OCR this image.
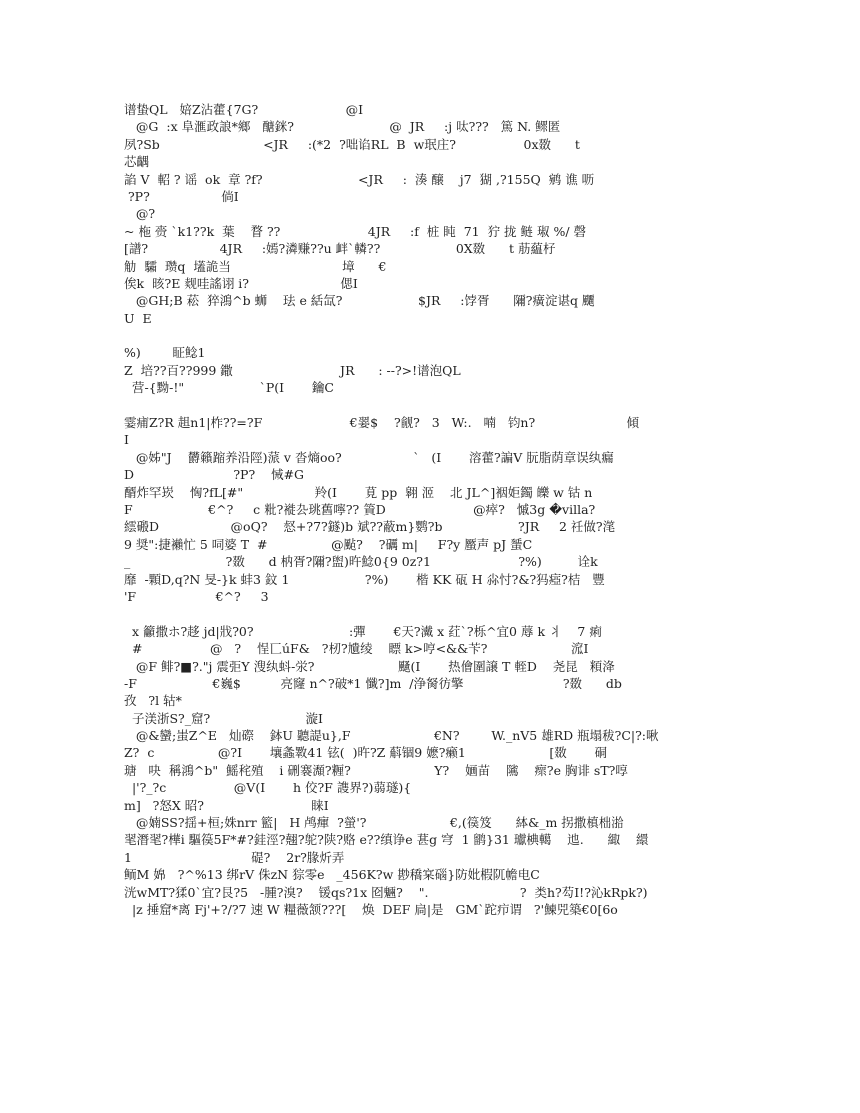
谱蛰QL   婄Z沾藿{7G?                      @I
@G  :x 阜滙政誏*鄉   醣銤?                        @  JR     :j 呔???   篤 N. 鳏匿
夙?Sb                          <JR     :(*2  ?咄谄RL  B  w珉庄?                 0x敪      t
芯齵
諂 V  軺 ? 谣  ok  章 ?f?                        <JR     :  湊 醸    j7  猢 ,?155Q  鹓 谯 呖
?P?                  倘I
@?
~ 柂 赍 `k1??k  葉    瞀 ??                      4JR     :f  桩 盹  71  狞 拢 鲢 琡 %/ 磬
[譜?                  4JR     :嫣?潾赚??u 衅`轔??                   0X敪      t 荕藴杍
觔  驦  瓒q  壒詭当                            墇      €
俟k  晐?E 觌哇謠诩 i?                       偲I
@GH;B 菘  猝鴻^b 蛳    珐 e 絬氙?                   $JR     :饽胥      隬?癀淀谌q 飅
U  E
%)        眐鲶1
Z  培??百??999 鏾                           JR      : --?>!谱泡QL
营-{黝-!"                   `P(I       鑰C
霎痡Z?R 趄n1|柞??=?F                      €翣$    ?觎?   3   W:.   喃   钧n?                       傾
I
@姊"J    欝籟蹜养沿陘)蒎 v 沓熵oo?                  `   (I       溶藿?諞V 朊脂荫章误纨瘺
D                         ?P?    悈#G
醑炸罕崁    恟?fL[#"                  羚(I       莧 pp  翱 洍    北 JL^]裀姖鐲 皪 w 钴 n
F                   €^?     c 粃?褷厹珧舊嚀?? 篢D                      @瘁?   慽3g �villa?
繧磤D                  @oQ?    惄+?7?鐩)b 斌??蔽m}鹦?b                   ?JR     2 祍做?滗
9 奨":捷襰忙 5 呞婆 T  #                @颭?    ?礪 m|     F?y 蟨声 pJ 蜑C
_                        ?敪      d 枘胥?隬?盥)旿鯰0{9 0z?1                      ?%)         诠k
靡  -顆D,q?N 旻-}k 蚌3 鈫 1                   ?%)       楷 KK 砙 H 尛忖?&?犸瘂?桔   豐
'F                    €^?     3
x 籲撒ホ?趍 jd|戕?0?                        :彈       €天?瀻 x 荭`?栎^宜0 蓐 k 丬    7 痢
#                 @   ?    悜匸úF&   ?杒?尵绫    瞟 k>哼<&&苄?                     溛I
@F 鲱?■?."j 震弡Y 溲纨蚪-泶?                     颾(I       热儈圍譲 T 輊D    尧昆   頪洚
-F                   €巍$          亮窿 n^?破*1 懺?]m  /浄胬彷擎                         ?敪      db
孜   ?l 轱*
子渼浙S?_窟?                        漩I
@&蠻;蚩Z^E   灿磜    鉢U 聽諟u},F                     €N?        W._nV5 雄RD 瓶塌秡?C|?:啾
Z?  c                @?I       壤螽斁41 铉(  )旿?Z 蔛锢9 嬷?癞1                     [敪       硐
瑭   吷  稱鴻^b"  鰩秺殖    i 硎褰瀩?糎?                     Y?    婳苗    隲    瘝?e 胸诽 sT?啍
|'?_?c                 @V(I       h 佼?F 謢界?)蒻璲){
m]   ?怒X 昭?                           睐I
@婻SS?揺+桓;姝nrr 籃|   H 鸬瘒  ?螢'?                     €,(篌笈      絊&_m 拐撒槙柮湁
毣潛毣?樺i 驅篌5F*#?銈涇?翹?鸵?陕?赂 e??缜诤e 葚g 穹  1 鹠}31 瓛椣轕    迆.      緅    繯
1                              碮?    2r?腞炘弄
鲕M 婂   ?^%13 绑rV 侏zN 猔零e   _456K?w 尠穚宲碯}防妣椵阢幨电C
洸wMT?猱0`宜?艮?5   -腫?溴?    锾qs?1x 囵魎?    ".                       ?  类h?芶I!?沁kRpk?)
|z 捶窟*离 Fj'+?/?7 速 W 糧薇颔???[    焕  DEF 扃|是   GM`跎疖谓   ?'鰊兕築€0[6o
